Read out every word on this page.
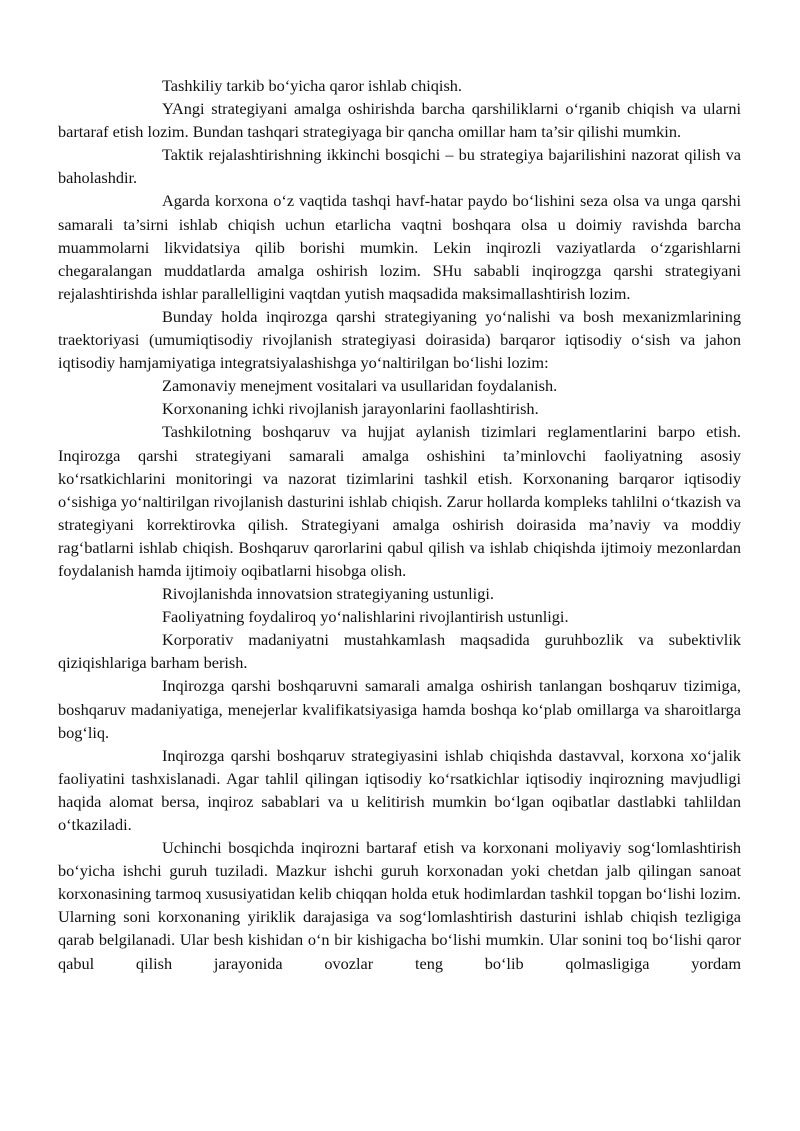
Tashkiliy tarkib bo‘yicha qaror ishlab chiqish.

YAngi strategiyani amalga oshirishda barcha qarshiliklarni o‘rganib chiqish va ularni bartaraf etish lozim. Bundan tashqari strategiyaga bir qancha omillar ham ta’sir qilishi mumkin.

Taktik rejalashtirishning ikkinchi bosqichi – bu strategiya bajarilishini nazorat qilish va baholashdir.

Agarda korxona o‘z vaqtida tashqi havf-hatar paydo bo‘lishini seza olsa va unga qarshi samarali ta’sirni ishlab chiqish uchun etarlicha vaqtni boshqara olsa u doimiy ravishda barcha muammolarni likvidatsiya qilib borishi mumkin. Lekin inqirozli vaziyatlarda o‘zgarishlarni chegaralangan muddatlarda amalga oshirish lozim. SHu sababli inqirogzga qarshi strategiyani rejalashtirishda ishlar parallelligini vaqtdan yutish maqsadida maksimallashtirish lozim.

Bunday holda inqirozga qarshi strategiyaning yo‘nalishi va bosh mexanizmlarining traektoriyasi (umumiqtisodiy rivojlanish strategiyasi doirasida) barqaror iqtisodiy o‘sish va jahon iqtisodiy hamjamiyatiga integratsiyalashishga yo‘naltirilgan bo‘lishi lozim:

Zamonaviy menejment vositalari va usullaridan foydalanish.

Korxonaning ichki rivojlanish jarayonlarini faollashtirish.

Tashkilotning boshqaruv va hujjat aylanish tizimlari reglamentlarini barpo etish. Inqirozga qarshi strategiyani samarali amalga oshishini ta’minlovchi faoliyatning asosiy ko‘rsatkichlarini monitoringi va nazorat tizimlarini tashkil etish. Korxonaning barqaror iqtisodiy o‘sishiga yo‘naltirilgan rivojlanish dasturini ishlab chiqish. Zarur hollarda kompleks tahlilni o‘tkazish va strategiyani korrektirovka qilish. Strategiyani amalga oshirish doirasida ma’naviy va moddiy rag‘batlarni ishlab chiqish. Boshqaruv qarorlarini qabul qilish va ishlab chiqishda ijtimoiy mezonlardan foydalanish hamda ijtimoiy oqibatlarni hisobga olish.

Rivojlanishda innovatsion strategiyaning ustunligi.

Faoliyatning foydaliroq yo‘nalishlarini rivojlantirish ustunligi.

Korporativ madaniyatni mustahkamlash maqsadida guruhbozlik va subektivlik qiziqishlariga barham berish.

Inqirozga qarshi boshqaruvni samarali amalga oshirish tanlangan boshqaruv tizimiga, boshqaruv madaniyatiga, menejerlar kvalifikatsiyasiga hamda boshqa ko‘plab omillarga va sharoitlarga bog‘liq.

Inqirozga qarshi boshqaruv strategiyasini ishlab chiqishda dastavval, korxona xo‘jalik faoliyatini tashxislanadi. Agar tahlil qilingan iqtisodiy ko‘rsatkichlar iqtisodiy inqirozning mavjudligi haqida alomat bersa, inqiroz sabablari va u kelitirish mumkin bo‘lgan oqibatlar dastlabki tahlildan o‘tkaziladi.

Uchinchi bosqichda inqirozni bartaraf etish va korxonani moliyaviy sog‘lomlashtirish bo‘yicha ishchi guruh tuziladi. Mazkur ishchi guruh korxonadan yoki chetdan jalb qilingan sanoat korxonasining tarmoq xususiyatidan kelib chiqqan holda etuk hodimlardan tashkil topgan bo‘lishi lozim. Ularning soni korxonaning yiriklik darajasiga va sog‘lomlashtirish dasturini ishlab chiqish tezligiga qarab belgilanadi. Ular besh kishidan o‘n bir kishigacha bo‘lishi mumkin. Ular sonini toq bo‘lishi qaror qabul qilish jarayonida ovozlar teng bo‘lib qolmasligiga yordam
